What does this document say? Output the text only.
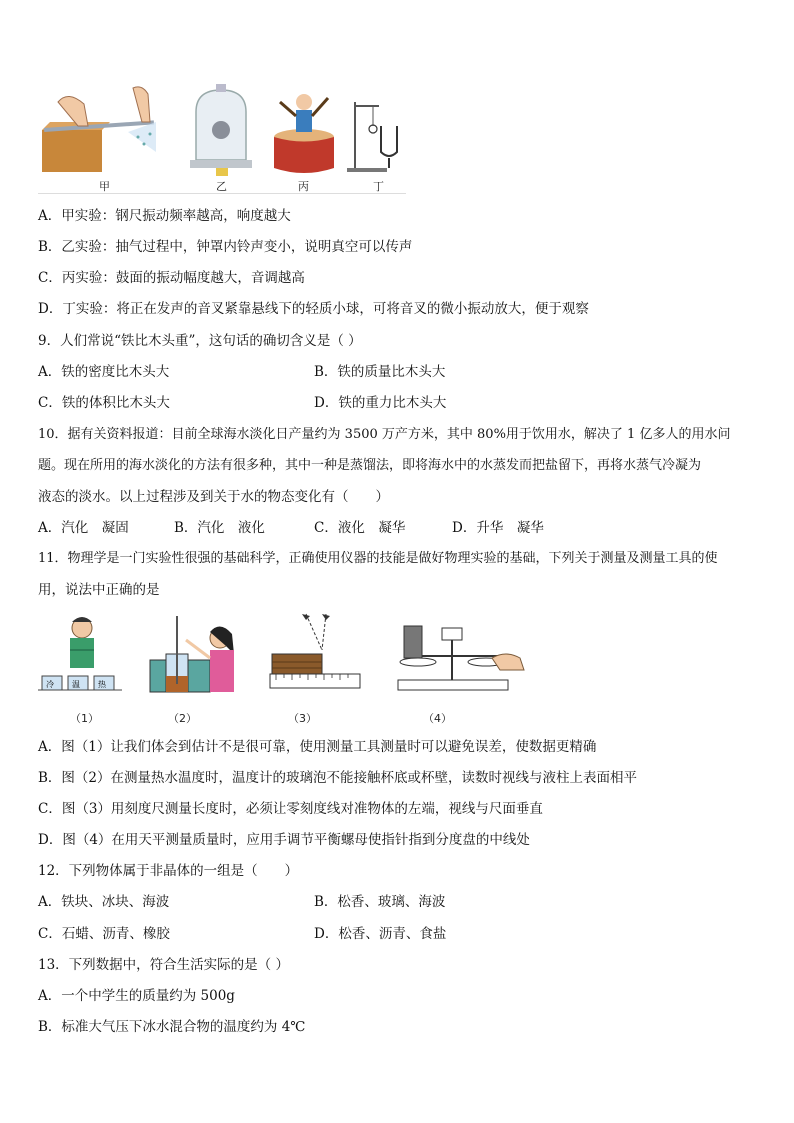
甲	乙	丙	丁
A．甲实验：钢尺振动频率越高，响度越大
B．乙实验：抽气过程中，钟罩内铃声变小，说明真空可以传声
C．丙实验：鼓面的振动幅度越大，音调越高
D．丁实验：将正在发声的音叉紧靠悬线下的轻质小球，可将音叉的微小振动放大，便于观察
9．人们常说“铁比木头重”，这句话的确切含义是（ ）
A．铁的密度比木头大	B．铁的质量比木头大
C．铁的体积比木头大	D．铁的重力比木头大
10．据有关资料报道：目前全球海水淡化日产量约为 3500 万产方米，其中 80%用于饮用水，解决了 1 亿多人的用水问
题。现在所用的海水淡化的方法有很多种，其中一种是蒸馏法，即将海水中的水蒸发而把盐留下，再将水蒸气冷凝为
液态的淡水。以上过程涉及到关于水的物态变化有（　　）
A．汽化　凝固	B．汽化　液化	C．液化　凝华	D．升华　凝华
11．物理学是一门实验性很强的基础科学，正确使用仪器的技能是做好物理实验的基础，下列关于测量及测量工具的使
用，说法中正确的是
冷 温 热
（1）	（2）	（3）	（4）
A．图（1）让我们体会到估计不是很可靠，使用测量工具测量时可以避免误差，使数据更精确
B．图（2）在测量热水温度时，温度计的玻璃泡不能接触杯底或杯壁，读数时视线与液柱上表面相平
C．图（3）用刻度尺测量长度时，必须让零刻度线对准物体的左端，视线与尺面垂直
D．图（4）在用天平测量质量时，应用手调节平衡螺母使指针指到分度盘的中线处
12．下列物体属于非晶体的一组是（　　）
A．铁块、冰块、海波	B．松香、玻璃、海波
C．石蜡、沥青、橡胶	D．松香、沥青、食盐
13．下列数据中，符合生活实际的是（ ）
A．一个中学生的质量约为 500g
B．标准大气压下冰水混合物的温度约为 4℃
